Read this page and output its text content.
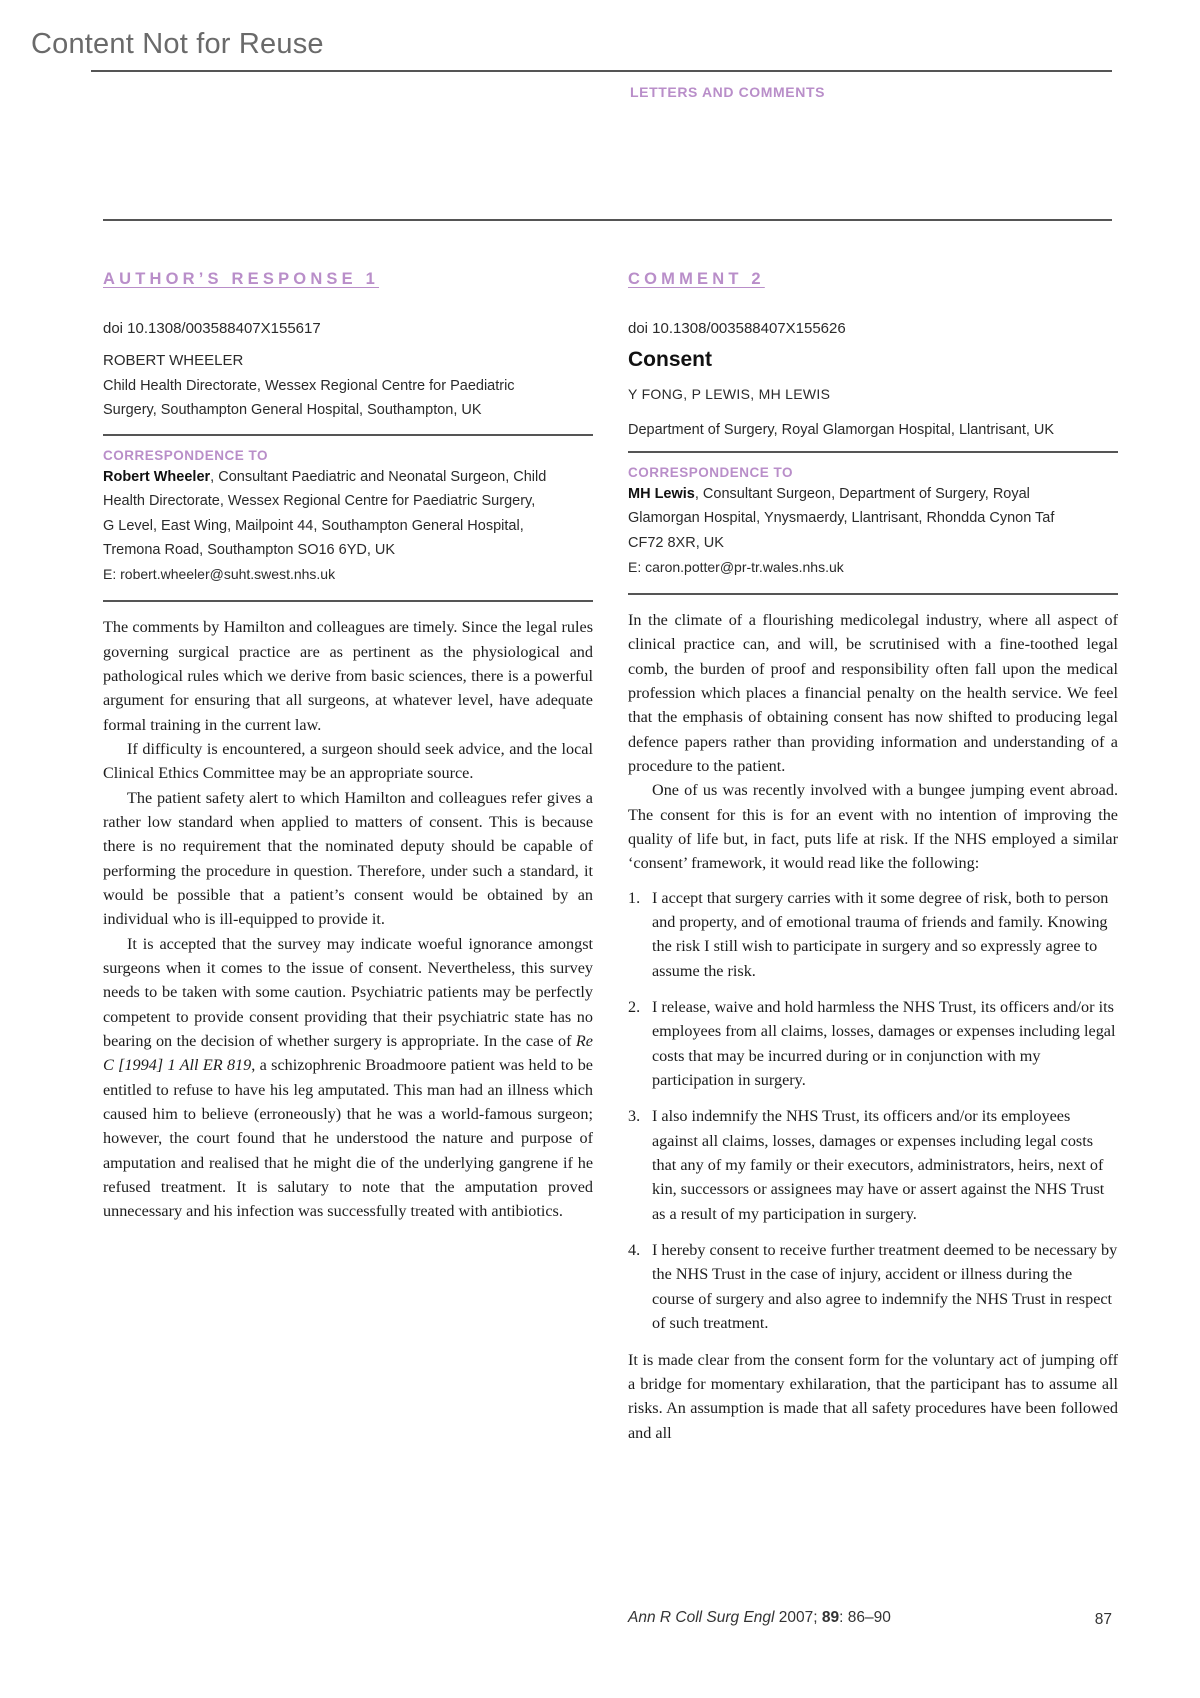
Content Not for Reuse
LETTERS AND COMMENTS
AUTHOR’S RESPONSE 1
doi 10.1308/003588407X155617
ROBERT WHEELER
Child Health Directorate, Wessex Regional Centre for Paediatric
Surgery, Southampton General Hospital, Southampton, UK
CORRESPONDENCE TO
Robert Wheeler, Consultant Paediatric and Neonatal Surgeon, Child
Health Directorate, Wessex Regional Centre for Paediatric Surgery,
G Level, East Wing, Mailpoint 44, Southampton General Hospital,
Tremona Road, Southampton SO16 6YD, UK
E: robert.wheeler@suht.swest.nhs.uk

The comments by Hamilton and colleagues are timely. Since the legal rules governing surgical practice are as pertinent as the physiological and pathological rules which we derive from basic sciences, there is a powerful argument for ensuring that all surgeons, at whatever level, have adequate formal training in the current law.

If difficulty is encountered, a surgeon should seek advice, and the local Clinical Ethics Committee may be an appropriate source.

The patient safety alert to which Hamilton and colleagues refer gives a rather low standard when applied to matters of consent. This is because there is no requirement that the nominated deputy should be capable of performing the procedure in question. Therefore, under such a standard, it would be possible that a patient’s consent would be obtained by an individual who is ill-equipped to provide it.

It is accepted that the survey may indicate woeful ignorance amongst surgeons when it comes to the issue of consent. Nevertheless, this survey needs to be taken with some caution. Psychiatric patients may be perfectly competent to provide consent providing that their psychiatric state has no bearing on the decision of whether surgery is appropriate. In the case of Re C [1994] 1 All ER 819, a schizophrenic Broadmoore patient was held to be entitled to refuse to have his leg amputated. This man had an illness which caused him to believe (erroneously) that he was a world-famous surgeon; however, the court found that he understood the nature and purpose of amputation and realised that he might die of the underlying gangrene if he refused treatment. It is salutary to note that the amputation proved unnecessary and his infection was successfully treated with antibiotics.

COMMENT 2
doi 10.1308/003588407X155626
Consent
Y FONG, P LEWIS, MH LEWIS
Department of Surgery, Royal Glamorgan Hospital, Llantrisant, UK
CORRESPONDENCE TO
MH Lewis, Consultant Surgeon, Department of Surgery, Royal
Glamorgan Hospital, Ynysmaerdy, Llantrisant, Rhondda Cynon Taf
CF72 8XR, UK
E: caron.potter@pr-tr.wales.nhs.uk

In the climate of a flourishing medicolegal industry, where all aspect of clinical practice can, and will, be scrutinised with a fine-toothed legal comb, the burden of proof and responsibility often fall upon the medical profession which places a financial penalty on the health service. We feel that the emphasis of obtaining consent has now shifted to producing legal defence papers rather than providing information and understanding of a procedure to the patient.

One of us was recently involved with a bungee jumping event abroad. The consent for this is for an event with no intention of improving the quality of life but, in fact, puts life at risk. If the NHS employed a similar ‘consent’ framework, it would read like the following:

1. I accept that surgery carries with it some degree of risk, both to person and property, and of emotional trauma of friends and family. Knowing the risk I still wish to participate in surgery and so expressly agree to assume the risk.
2. I release, waive and hold harmless the NHS Trust, its officers and/or its employees from all claims, losses, damages or expenses including legal costs that may be incurred during or in conjunction with my participation in surgery.
3. I also indemnify the NHS Trust, its officers and/or its employees against all claims, losses, damages or expenses including legal costs that any of my family or their executors, administrators, heirs, next of kin, successors or assignees may have or assert against the NHS Trust as a result of my participation in surgery.
4. I hereby consent to receive further treatment deemed to be necessary by the NHS Trust in the case of injury, accident or illness during the course of surgery and also agree to indemnify the NHS Trust in respect of such treatment.

It is made clear from the consent form for the voluntary act of jumping off a bridge for momentary exhilaration, that the participant has to assume all risks. An assumption is made that all safety procedures have been followed and all

Ann R Coll Surg Engl 2007; 89: 86–90	87
